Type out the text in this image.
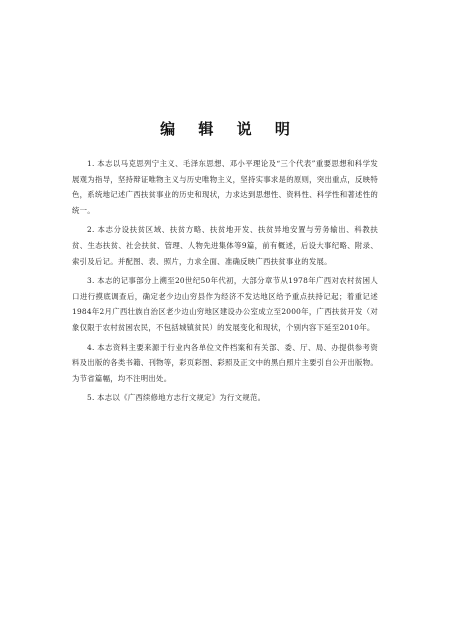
编 辑 说 明

1. 本志以马克思列宁主义、毛泽东思想、邓小平理论及“三个代表”重要思想和科学发展观为指导，坚持辩证唯物主义与历史唯物主义，坚持实事求是的原则，突出重点，反映特色，系统地记述广西扶贫事业的历史和现状，力求达到思想性、资料性、科学性和著述性的统一。

2. 本志分设扶贫区域、扶贫方略、扶贫地开发、扶贫异地安置与劳务输出、科教扶贫、生态扶贫、社会扶贫、管理、人物先进集体等9篇，前有概述，后设大事纪略、附录、索引及后记。并配图、表、照片，力求全面、准确反映广西扶贫事业的发展。

3. 本志的记事部分上溯至20世纪50年代初，大部分章节从1978年广西对农村贫困人口进行摸底调查后，确定老少边山穷县作为经济不发达地区给予重点扶持记起；着重记述1984年2月广西壮族自治区老少边山穷地区建设办公室成立至2000年，广西扶贫开发（对象仅限于农村贫困农民，不包括城镇贫民）的发展变化和现状，个别内容下延至2010年。

4. 本志资料主要来源于行业内各单位文件档案和有关部、委、厅、局、办提供参考资料及出版的各类书籍、刊物等，彩页彩图、彩照及正文中的黑白照片主要引自公开出版物。为节省篇幅，均不注明出处。

5. 本志以《广西续修地方志行文规定》为行文规范。
